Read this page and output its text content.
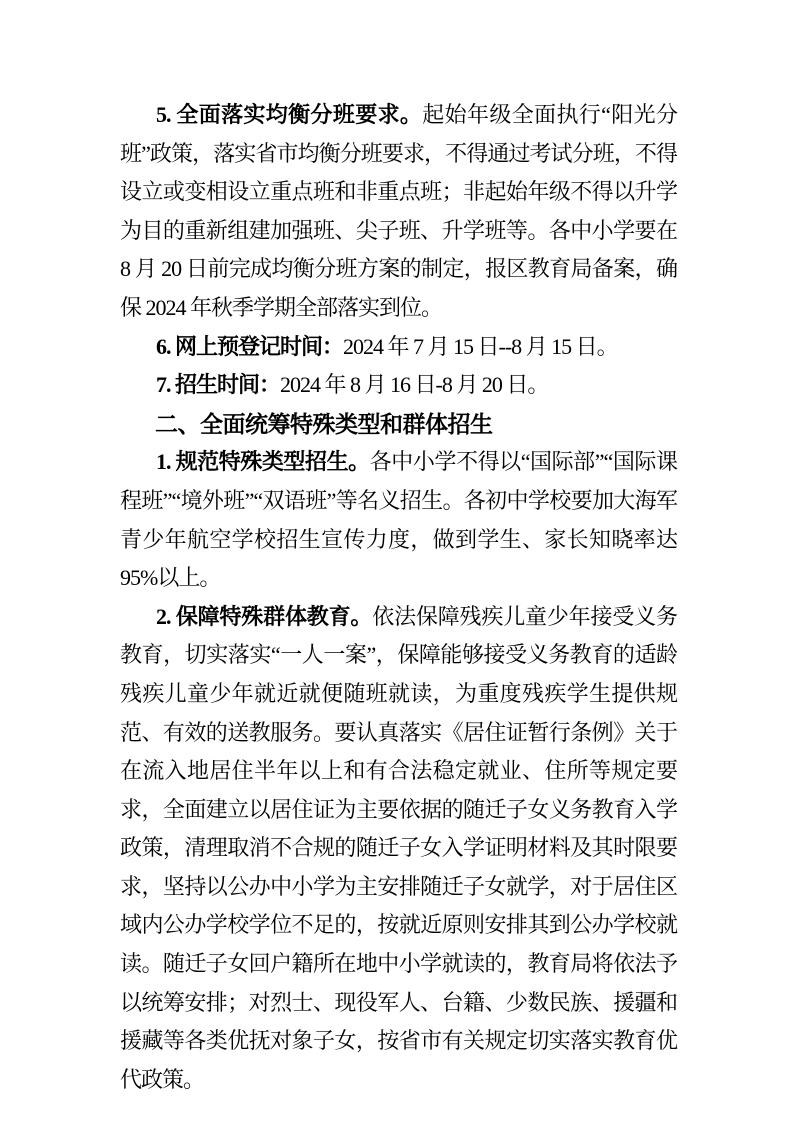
5. 全面落实均衡分班要求。起始年级全面执行“阳光分班”政策，落实省市均衡分班要求，不得通过考试分班，不得设立或变相设立重点班和非重点班；非起始年级不得以升学为目的重新组建加强班、尖子班、升学班等。各中小学要在 8 月 20 日前完成均衡分班方案的制定，报区教育局备案，确保 2024 年秋季学期全部落实到位。

6. 网上预登记时间：2024 年 7 月 15 日--8 月 15 日。

7. 招生时间：2024 年 8 月 16 日-8 月 20 日。

二、全面统筹特殊类型和群体招生

1. 规范特殊类型招生。各中小学不得以“国际部”“国际课程班”“境外班”“双语班”等名义招生。各初中学校要加大海军青少年航空学校招生宣传力度，做到学生、家长知晓率达 95%以上。

2. 保障特殊群体教育。依法保障残疾儿童少年接受义务教育，切实落实“一人一案”，保障能够接受义务教育的适龄残疾儿童少年就近就便随班就读，为重度残疾学生提供规范、有效的送教服务。要认真落实《居住证暂行条例》关于在流入地居住半年以上和有合法稳定就业、住所等规定要求，全面建立以居住证为主要依据的随迁子女义务教育入学政策，清理取消不合规的随迁子女入学证明材料及其时限要求，坚持以公办中小学为主安排随迁子女就学，对于居住区域内公办学校学位不足的，按就近原则安排其到公办学校就读。随迁子女回户籍所在地中小学就读的，教育局将依法予以统筹安排；对烈士、现役军人、台籍、少数民族、援疆和援藏等各类优抚对象子女，按省市有关规定切实落实教育优代政策。
